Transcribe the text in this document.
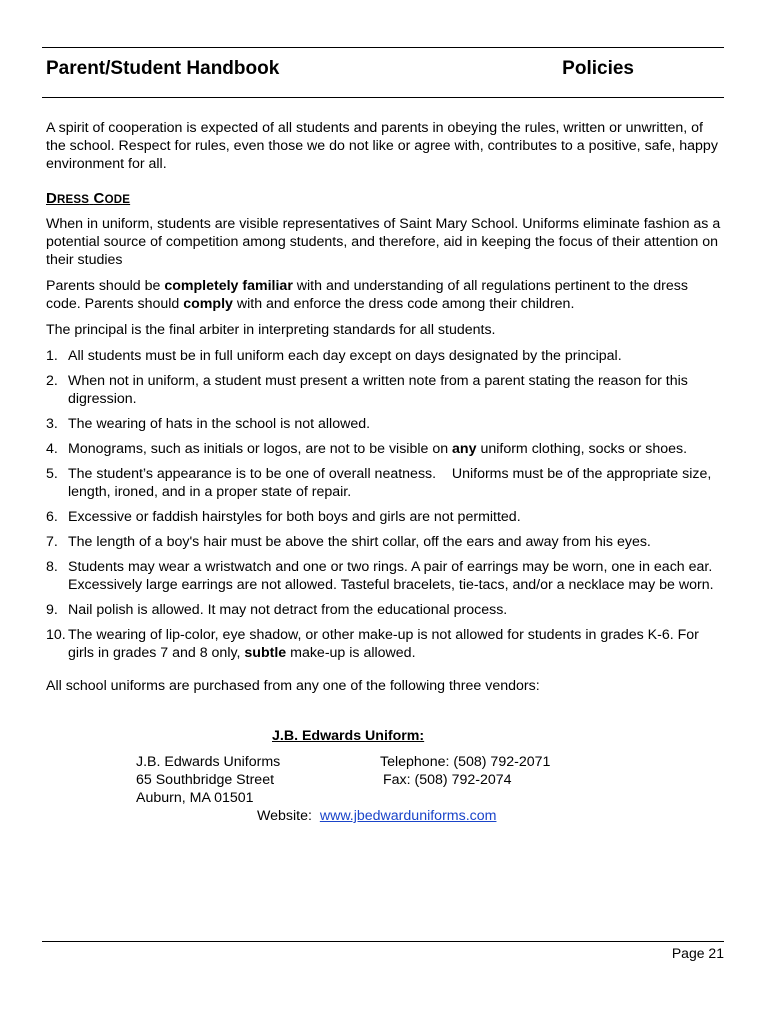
Parent/Student Handbook	Policies

A spirit of cooperation is expected of all students and parents in obeying the rules, written or unwritten, of the school. Respect for rules, even those we do not like or agree with, contributes to a positive, safe, happy environment for all.

DRESS CODE

When in uniform, students are visible representatives of Saint Mary School. Uniforms eliminate fashion as a potential source of competition among students, and therefore, aid in keeping the focus of their attention on their studies

Parents should be completely familiar with and understanding of all regulations pertinent to the dress code. Parents should comply with and enforce the dress code among their children.

The principal is the final arbiter in interpreting standards for all students.

1. All students must be in full uniform each day except on days designated by the principal.
2. When not in uniform, a student must present a written note from a parent stating the reason for this digression.
3. The wearing of hats in the school is not allowed.
4. Monograms, such as initials or logos, are not to be visible on any uniform clothing, socks or shoes.
5. The student’s appearance is to be one of overall neatness.    Uniforms must be of the appropriate size, length, ironed, and in a proper state of repair.
6. Excessive or faddish hairstyles for both boys and girls are not permitted.
7. The length of a boy's hair must be above the shirt collar, off the ears and away from his eyes.
8. Students may wear a wristwatch and one or two rings. A pair of earrings may be worn, one in each ear. Excessively large earrings are not allowed. Tasteful bracelets, tie-tacs, and/or a necklace may be worn.
9. Nail polish is allowed. It may not detract from the educational process.
10. The wearing of lip-color, eye shadow, or other make-up is not allowed for students in grades K-6. For girls in grades 7 and 8 only, subtle make-up is allowed.

All school uniforms are purchased from any one of the following three vendors:

J.B. Edwards Uniform:
J.B. Edwards Uniforms
65 Southbridge Street
Auburn, MA 01501
Telephone: (508) 792-2071
Fax: (508) 792-2074
Website:  www.jbedwarduniforms.com
Page 21
